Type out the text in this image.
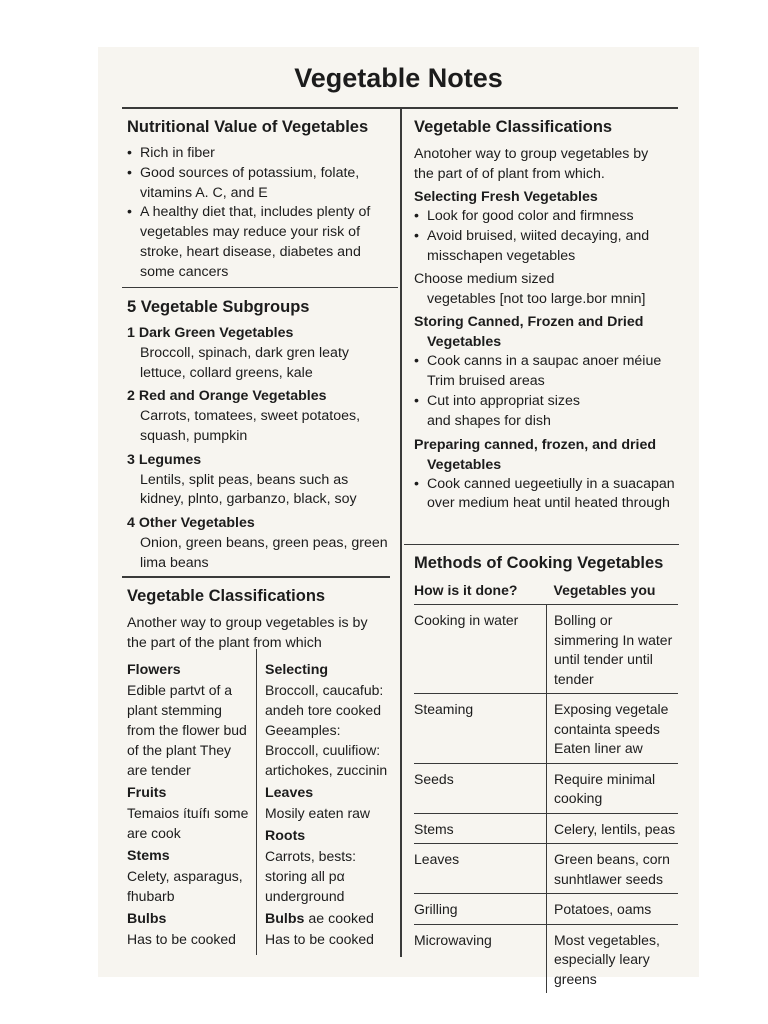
Vegetable Notes
Nutritional Value of Vegetables
• Rich in fiber
• Good sources of potassium, folate, vitamins A. C, and E
• A healthy diet that, includes plenty of vegetables may reduce your risk of stroke, heart disease, diabetes and some cancers
5 Vegetable Subgroups
1 Dark Green Vegetables
Broccoll, spinach, dark gren leaty lettuce, collard greens, kale
2 Red and Orange Vegetables
Carrots, tomatees, sweet potatoes, squash, pumpkin
3 Legumes
Lentils, split peas, beans such as kidney, plnto, garbanzo, black, soy
4 Other Vegetables
Onion, green beans, green peas, green lima beans
Vegetable Classifications
Another way to group vegetables is by the part of the plant from which
Flowers
Edible partvt of a plant stemming from the flower bud of the plant They are tender
Fruits
Temaios ítuífı some are cook
Stems
Celety, asparagus, fhubarb
Bulbs
Has to be cooked
Selecting
Broccoll, caucafub: andeh tore cooked Geeamples: Broccoll, cuulifiow: artichokes, zuccinin
Leaves
Mosily eaten raw
Roots
Carrots, bests: storing all pα underground
Bulbs ae cooked
Has to be cooked
Vegetable Classifications
Anotoher way to group vegetables by the part of of plant from which.
Selecting Fresh Vegetables
• Look for good color and firmness
• Avoid bruised, wiited decaying, and misschapen vegetables
Choose medium sized
vegetables [not too large.bor mnin]
Storing Canned, Frozen and Dried
Vegetables
• Cook canns in a saupac anoer méiue Trim bruised areas
• Cut into appropriat sizes and shapes for dish
Preparing canned, frozen, and dried
Vegetables
• Cook canned uegeetiully in a suacapan over medium heat until heated through
Methods of Cooking Vegetables
How is it done?	Vegetables you
Cooking in water	Bolling or simmering In water until tender until tender
Steaming	Exposing vegetale containta speeds Eaten liner aw
Seeds	Require minimal cooking
Stems	Celery, lentils, peas
Leaves	Green beans, corn sunhtlawer seeds
Grilling	Potatoes, oams
Microwaving	Most vegetables, especially leary greens
